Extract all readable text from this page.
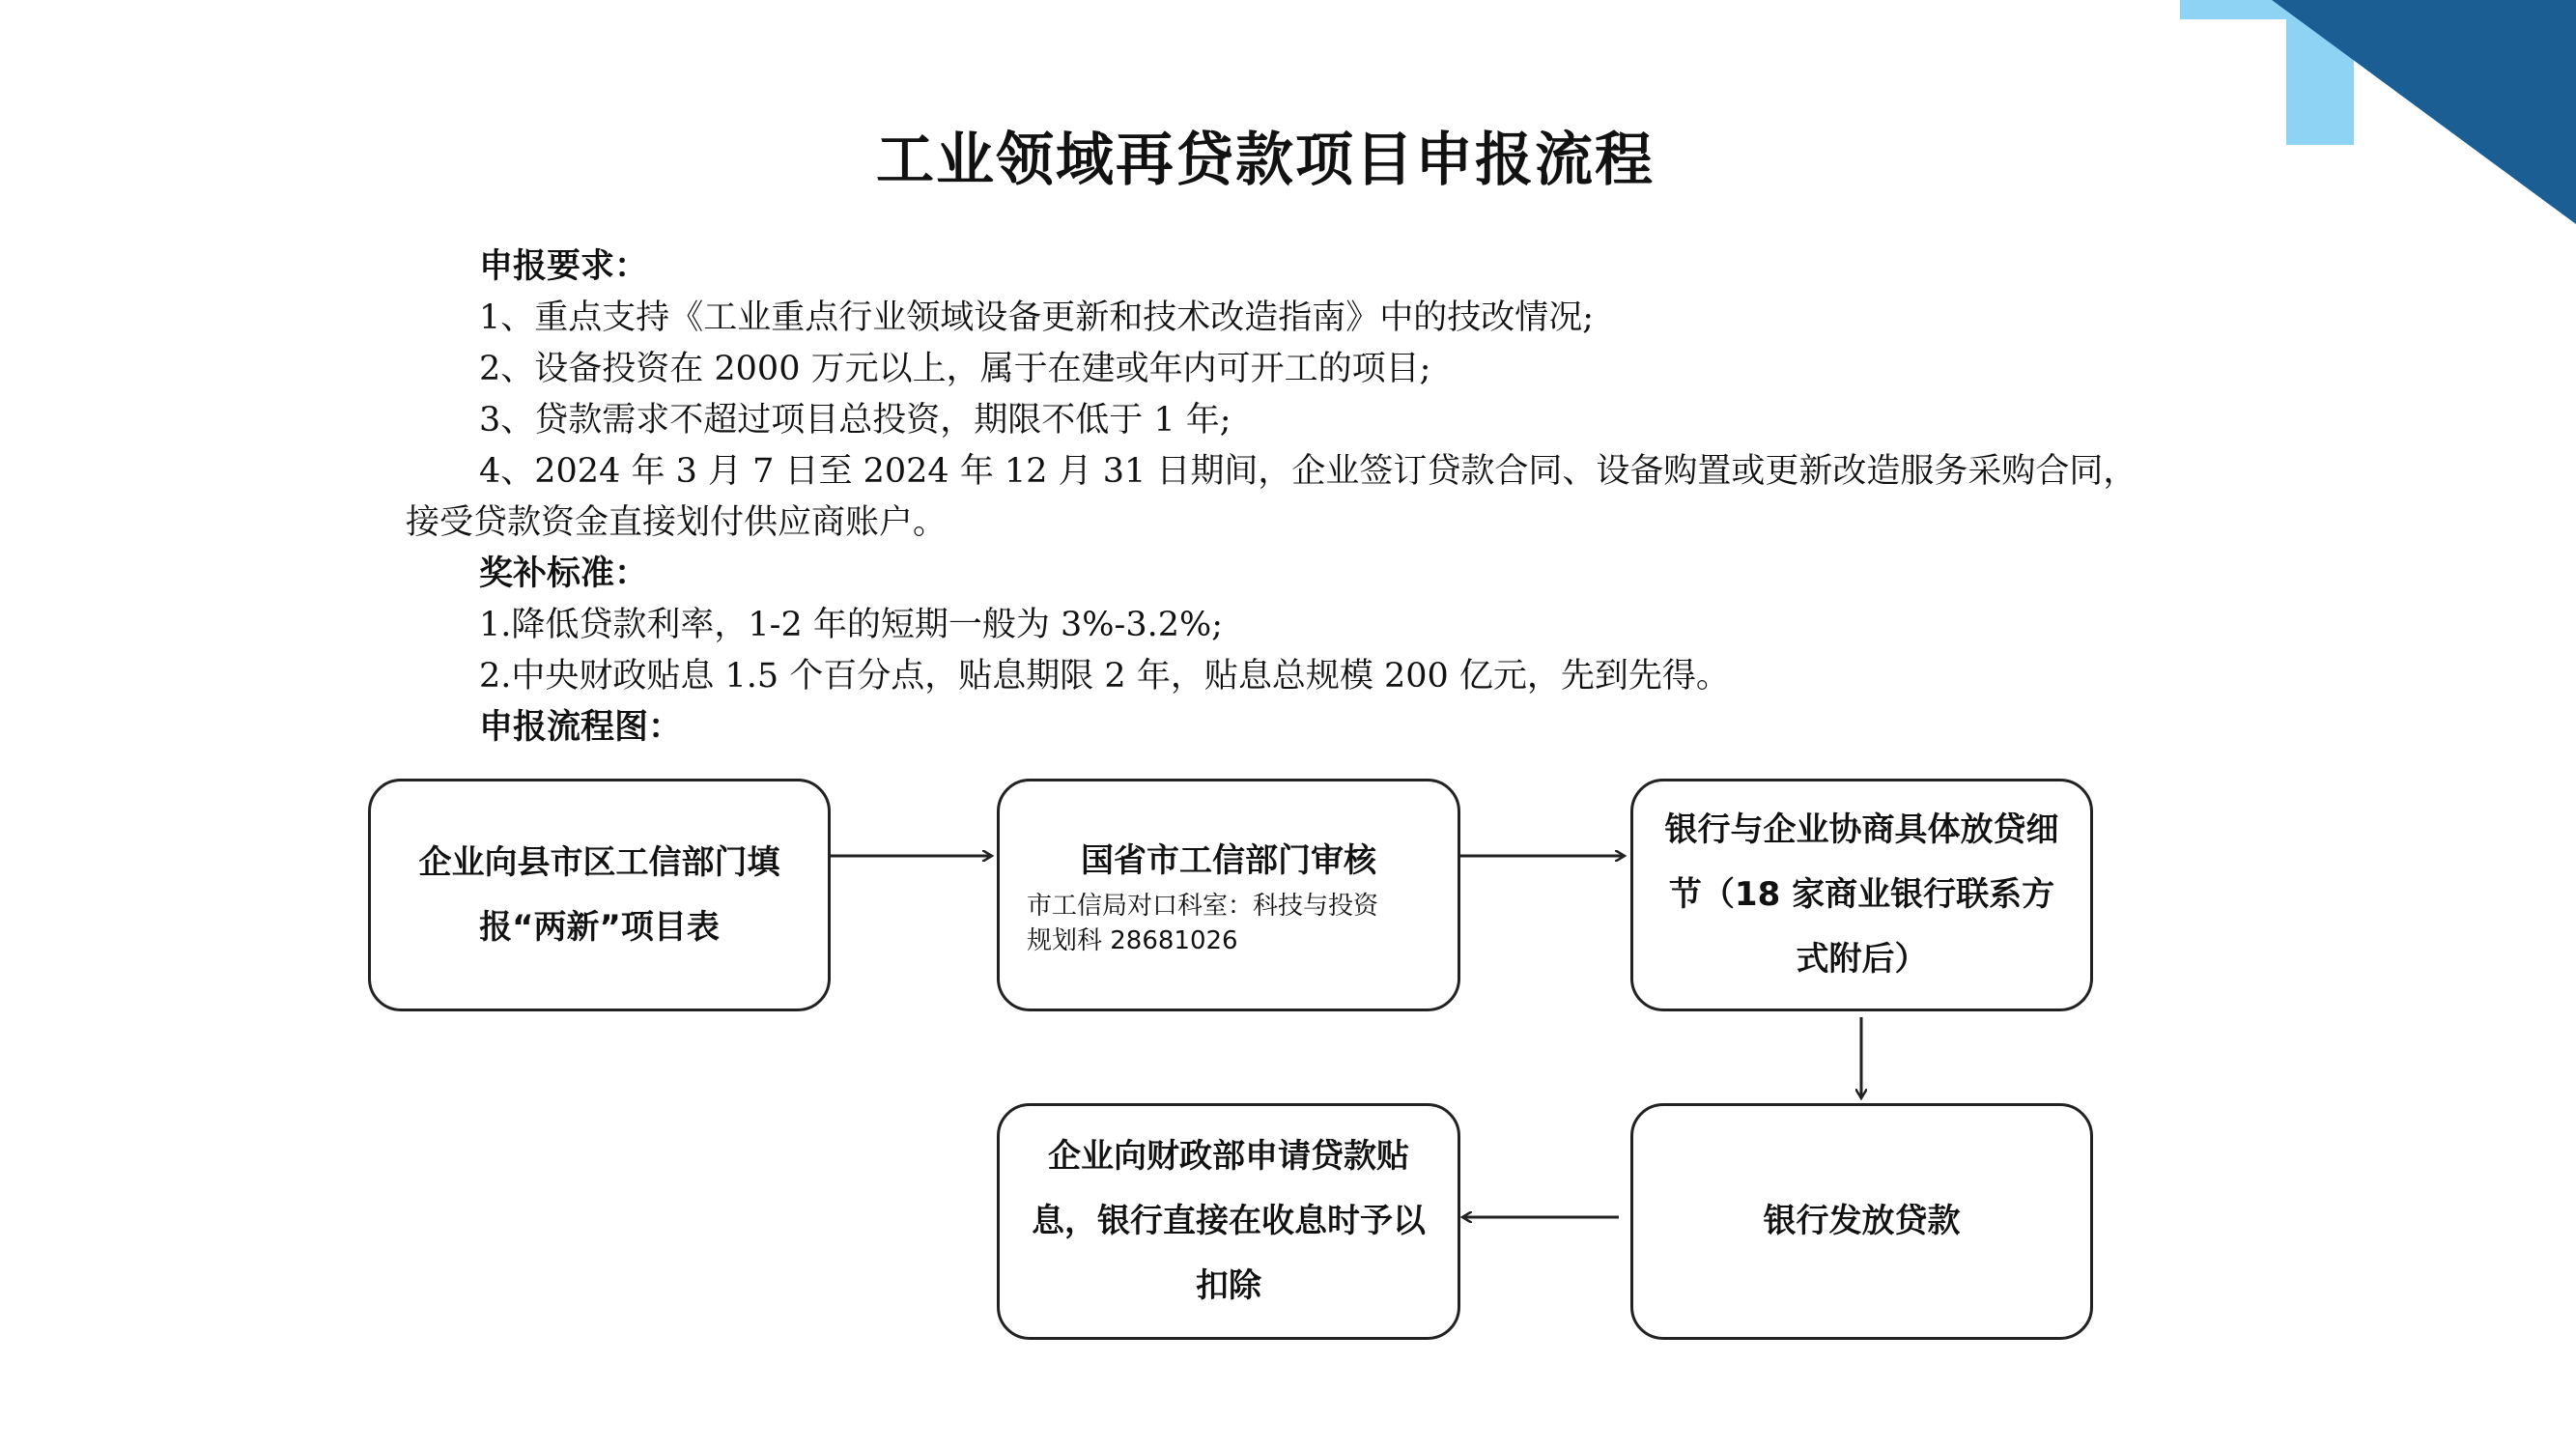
工业领域再贷款项目申报流程
申报要求：
1、重点支持《工业重点行业领域设备更新和技术改造指南》中的技改情况;
2、设备投资在 2000 万元以上，属于在建或年内可开工的项目;
3、贷款需求不超过项目总投资，期限不低于 1 年;
4、2024 年 3 月 7 日至 2024 年 12 月 31 日期间，企业签订贷款合同、设备购置或更新改造服务采购合同，
接受贷款资金直接划付供应商账户。
奖补标准：
1.降低贷款利率，1-2 年的短期一般为 3%-3.2%;
2.中央财政贴息 1.5 个百分点，贴息期限 2 年，贴息总规模 200 亿元，先到先得。
申报流程图：
企业向县市区工信部门填报“两新”项目表
国省市工信部门审核
市工信局对口科室：科技与投资
规划科 28681026
银行与企业协商具体放贷细节（18 家商业银行联系方式附后）
银行发放贷款
企业向财政部申请贷款贴息，银行直接在收息时予以扣除
